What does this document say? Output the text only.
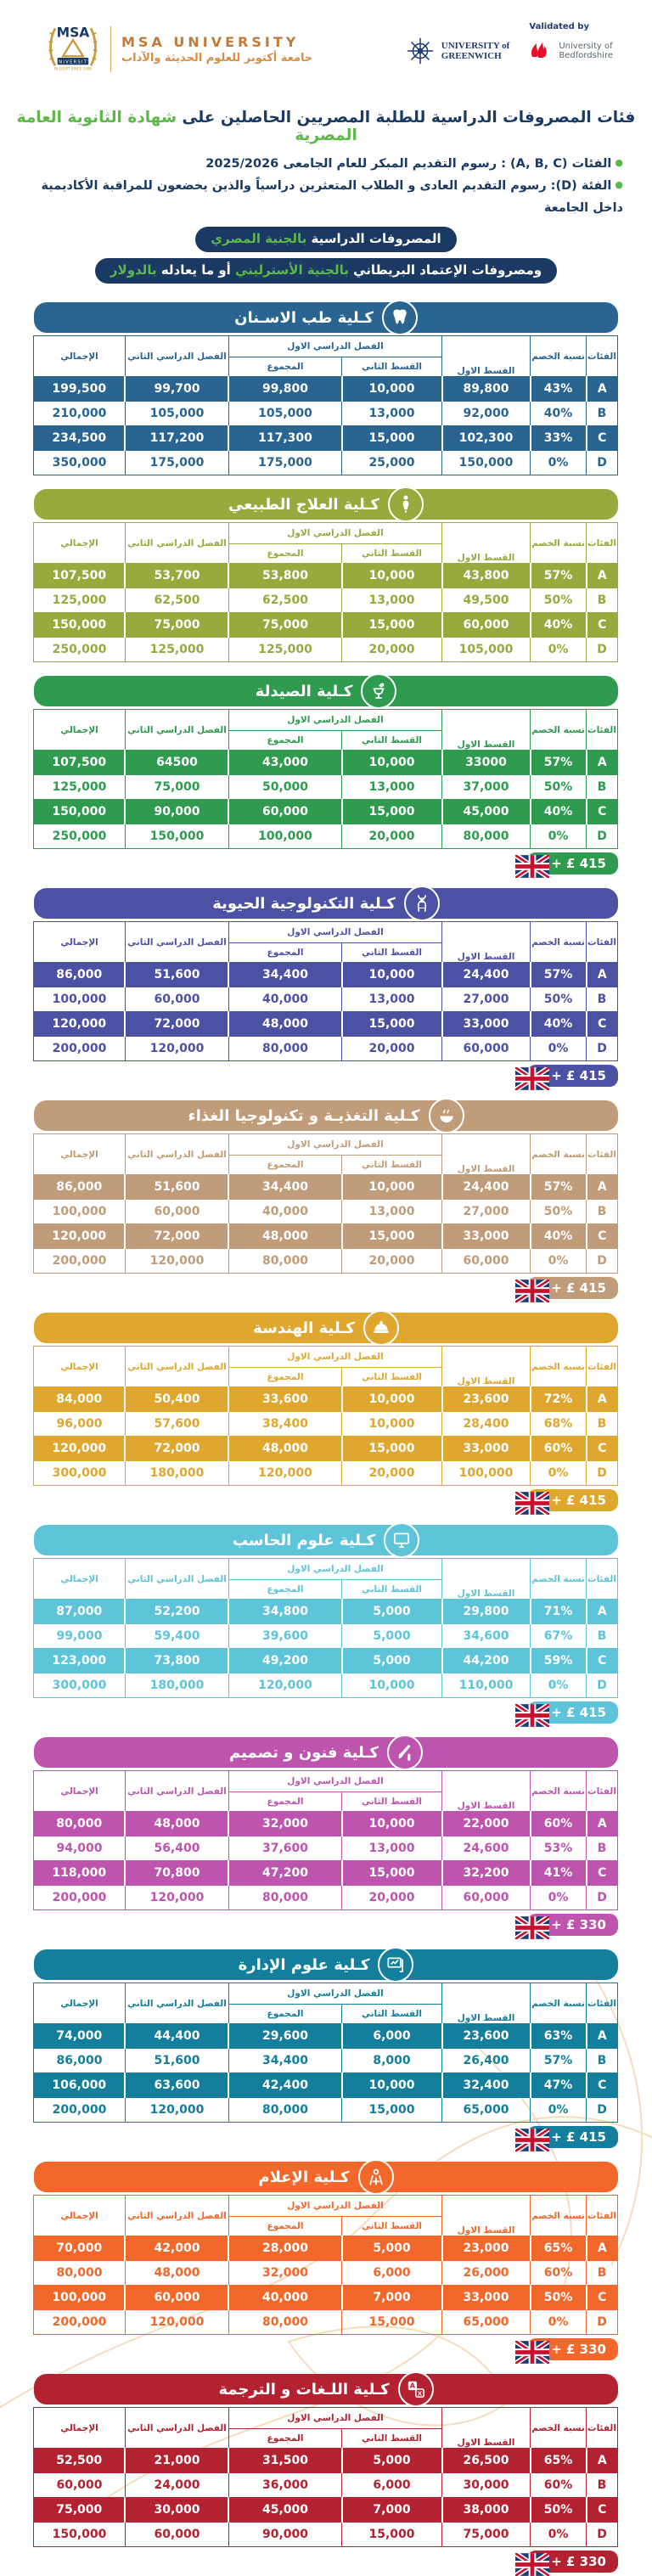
MSA
UNIVERSITY
IN EGYPT SINCE 1996
MSA UNIVERSITY
جامعة أكتوبر للعلوم الحديثة والآداب
Validated by
UNIVERSITY of
GREENWICH
University of
Bedfordshire
فئات المصروفات الدراسية للطلبة المصريين الحاصلين على شهادة الثانوية العامة المصرية
●الفئات (A, B, C) : رسوم التقديم المبكر للعام الجامعى 2025/2026
●الفئة (D): رسوم التقديم العادى و الطلاب المتعثرين دراسياً والذين يخضعون للمراقبة الأكاديمية داخل الجامعة
المصروفات الدراسية بالجنية المصري
ومصروفات الإعتماد البريطاني بالجنية الأسترليني أو ما يعادله بالدولار
كـلية طب الاسـنان
الفئات	نسبة الخصم	القسط الاول	الفصل الدراسي الاول		الفصل الدراسي الثاني	الإجمالي
			القسط الثاني	المجموع		
A	43%	89,800	10,000	99,800	99,700	199,500
B	40%	92,000	13,000	105,000	105,000	210,000
C	33%	102,300	15,000	117,300	117,200	234,500
D	0%	150,000	25,000	175,000	175,000	350,000
كـلية العلاج الطبيعي
الفئات	نسبة الخصم	القسط الاول	الفصل الدراسي الاول		الفصل الدراسي الثاني	الإجمالي
			القسط الثاني	المجموع		
A	57%	43,800	10,000	53,800	53,700	107,500
B	50%	49,500	13,000	62,500	62,500	125,000
C	40%	60,000	15,000	75,000	75,000	150,000
D	0%	105,000	20,000	125,000	125,000	250,000
كـلية الصيدلة
الفئات	نسبة الخصم	القسط الاول	الفصل الدراسي الاول		الفصل الدراسي الثاني	الإجمالي
			القسط الثاني	المجموع		
A	57%	33000	10,000	43,000	64500	107,500
B	50%	37,000	13,000	50,000	75,000	125,000
C	40%	45,000	15,000	60,000	90,000	150,000
D	0%	80,000	20,000	100,000	150,000	250,000
+ £ 415
كـلية التكنولوجية الحيوية
الفئات	نسبة الخصم	القسط الاول	الفصل الدراسي الاول		الفصل الدراسي الثاني	الإجمالي
			القسط الثاني	المجموع		
A	57%	24,400	10,000	34,400	51,600	86,000
B	50%	27,000	13,000	40,000	60,000	100,000
C	40%	33,000	15,000	48,000	72,000	120,000
D	0%	60,000	20,000	80,000	120,000	200,000
+ £ 415
كـلية التغذيـة و تكنولوجيا الغذاء
الفئات	نسبة الخصم	القسط الاول	الفصل الدراسي الاول		الفصل الدراسي الثاني	الإجمالي
			القسط الثاني	المجموع		
A	57%	24,400	10,000	34,400	51,600	86,000
B	50%	27,000	13,000	40,000	60,000	100,000
C	40%	33,000	15,000	48,000	72,000	120,000
D	0%	60,000	20,000	80,000	120,000	200,000
+ £ 415
كـلية الهندسة
الفئات	نسبة الخصم	القسط الاول	الفصل الدراسي الاول		الفصل الدراسي الثاني	الإجمالي
			القسط الثاني	المجموع		
A	72%	23,600	10,000	33,600	50,400	84,000
B	68%	28,400	10,000	38,400	57,600	96,000
C	60%	33,000	15,000	48,000	72,000	120,000
D	0%	100,000	20,000	120,000	180,000	300,000
+ £ 415
كـلية علوم الحاسب
الفئات	نسبة الخصم	القسط الاول	الفصل الدراسي الاول		الفصل الدراسي الثاني	الإجمالي
			القسط الثاني	المجموع		
A	71%	29,800	5,000	34,800	52,200	87,000
B	67%	34,600	5,000	39,600	59,400	99,000
C	59%	44,200	5,000	49,200	73,800	123,000
D	0%	110,000	10,000	120,000	180,000	300,000
+ £ 415
كـلية فنون و تصميم
الفئات	نسبة الخصم	القسط الاول	الفصل الدراسي الاول		الفصل الدراسي الثاني	الإجمالي
			القسط الثاني	المجموع		
A	60%	22,000	10,000	32,000	48,000	80,000
B	53%	24,600	13,000	37,600	56,400	94,000
C	41%	32,200	15,000	47,200	70,800	118,000
D	0%	60,000	20,000	80,000	120,000	200,000
+ £ 330
كـلية علوم الإدارة
الفئات	نسبة الخصم	القسط الاول	الفصل الدراسي الاول		الفصل الدراسي الثاني	الإجمالي
			القسط الثاني	المجموع		
A	63%	23,600	6,000	29,600	44,400	74,000
B	57%	26,400	8,000	34,400	51,600	86,000
C	47%	32,400	10,000	42,400	63,600	106,000
D	0%	65,000	15,000	80,000	120,000	200,000
+ £ 415
كـلية الإعلام
الفئات	نسبة الخصم	القسط الاول	الفصل الدراسي الاول		الفصل الدراسي الثاني	الإجمالي
			القسط الثاني	المجموع		
A	65%	23,000	5,000	28,000	42,000	70,000
B	60%	26,000	6,000	32,000	48,000	80,000
C	50%	33,000	7,000	40,000	60,000	100,000
D	0%	65,000	15,000	80,000	120,000	200,000
+ £ 330
A
X
كـلية اللـغات و الترجمة
الفئات	نسبة الخصم	القسط الاول	الفصل الدراسي الاول		الفصل الدراسي الثاني	الإجمالي
			القسط الثاني	المجموع		
A	65%	26,500	5,000	31,500	21,000	52,500
B	60%	30,000	6,000	36,000	24,000	60,000
C	50%	38,000	7,000	45,000	30,000	75,000
D	0%	75,000	15,000	90,000	60,000	150,000
+ £ 330
